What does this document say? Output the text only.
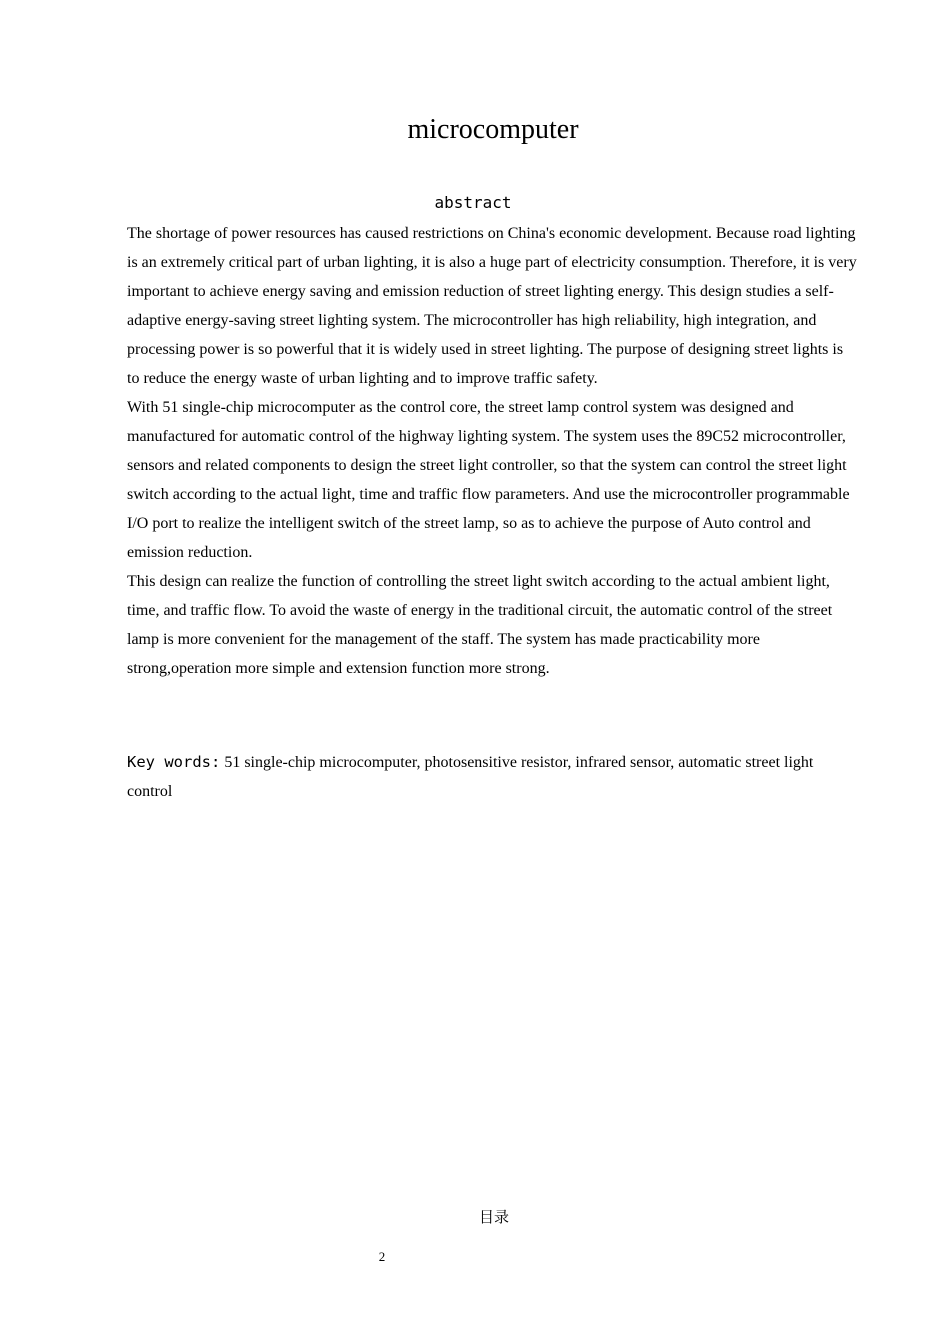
microcomputer
abstract

The shortage of power resources has caused restrictions on China's economic development. Because road lighting is an extremely critical part of urban lighting, it is also a huge part of electricity consumption. Therefore, it is very important to achieve energy saving and emission reduction of street lighting energy. This design studies a self-adaptive energy-saving street lighting system. The microcontroller has high reliability, high integration, and processing power is so powerful that it is widely used in street lighting. The purpose of designing street lights is to reduce the energy waste of urban lighting and to improve traffic safety.

With 51 single-chip microcomputer as the control core, the street lamp control system was designed and manufactured for automatic control of the highway lighting system. The system uses the 89C52 microcontroller, sensors and related components to design the street light controller, so that the system can control the street light switch according to the actual light, time and traffic flow parameters. And use the microcontroller programmable I/O port to realize the intelligent switch of the street lamp, so as to achieve the purpose of Auto control and emission reduction.

This design can realize the function of controlling the street light switch according to the actual ambient light, time, and traffic flow. To avoid the waste of energy in the traditional circuit, the automatic control of the street lamp is more convenient for the management of the staff. The system has made practicability more strong,operation more simple and extension function more strong.

Key words: 51 single-chip microcomputer, photosensitive resistor, infrared sensor, automatic street light control

目录
2
